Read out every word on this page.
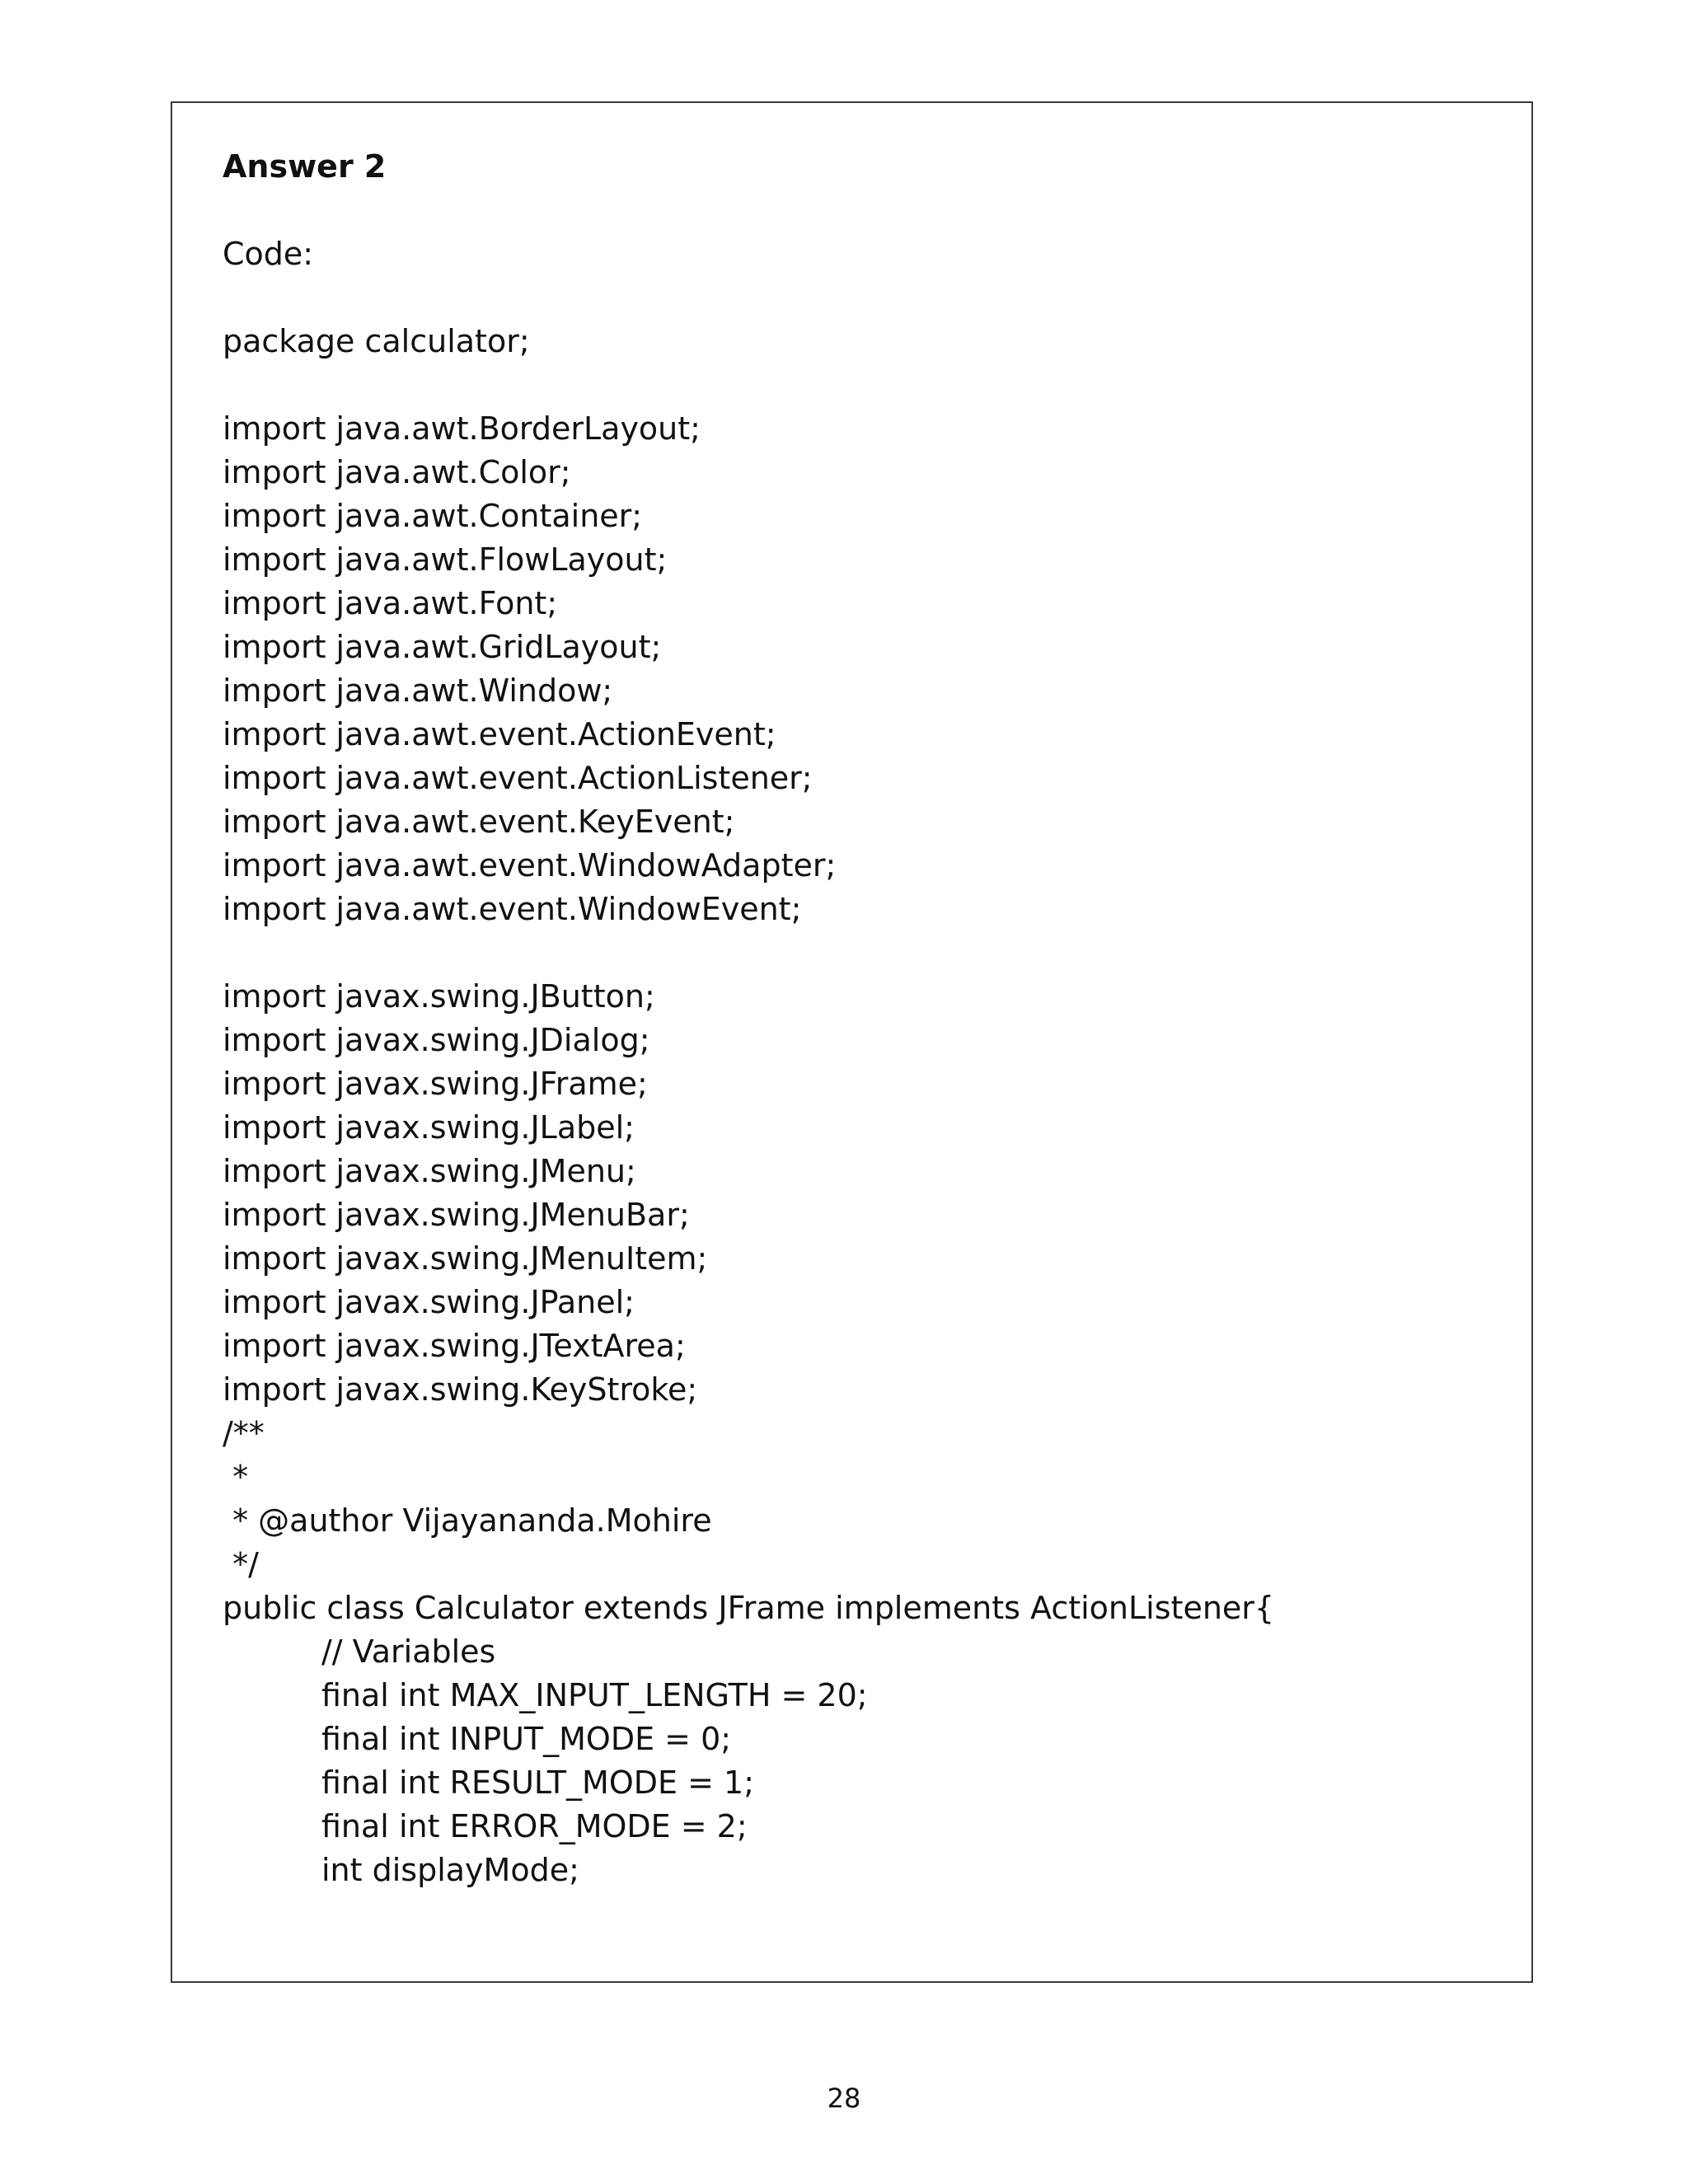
Answer 2
Code:
package calculator;
import java.awt.BorderLayout;
import java.awt.Color;
import java.awt.Container;
import java.awt.FlowLayout;
import java.awt.Font;
import java.awt.GridLayout;
import java.awt.Window;
import java.awt.event.ActionEvent;
import java.awt.event.ActionListener;
import java.awt.event.KeyEvent;
import java.awt.event.WindowAdapter;
import java.awt.event.WindowEvent;
import javax.swing.JButton;
import javax.swing.JDialog;
import javax.swing.JFrame;
import javax.swing.JLabel;
import javax.swing.JMenu;
import javax.swing.JMenuBar;
import javax.swing.JMenuItem;
import javax.swing.JPanel;
import javax.swing.JTextArea;
import javax.swing.KeyStroke;
/**
*
* @author Vijayananda.Mohire
*/
public class Calculator extends JFrame implements ActionListener{
// Variables
final int MAX_INPUT_LENGTH = 20;
final int INPUT_MODE = 0;
final int RESULT_MODE = 1;
final int ERROR_MODE = 2;
int displayMode;
28
